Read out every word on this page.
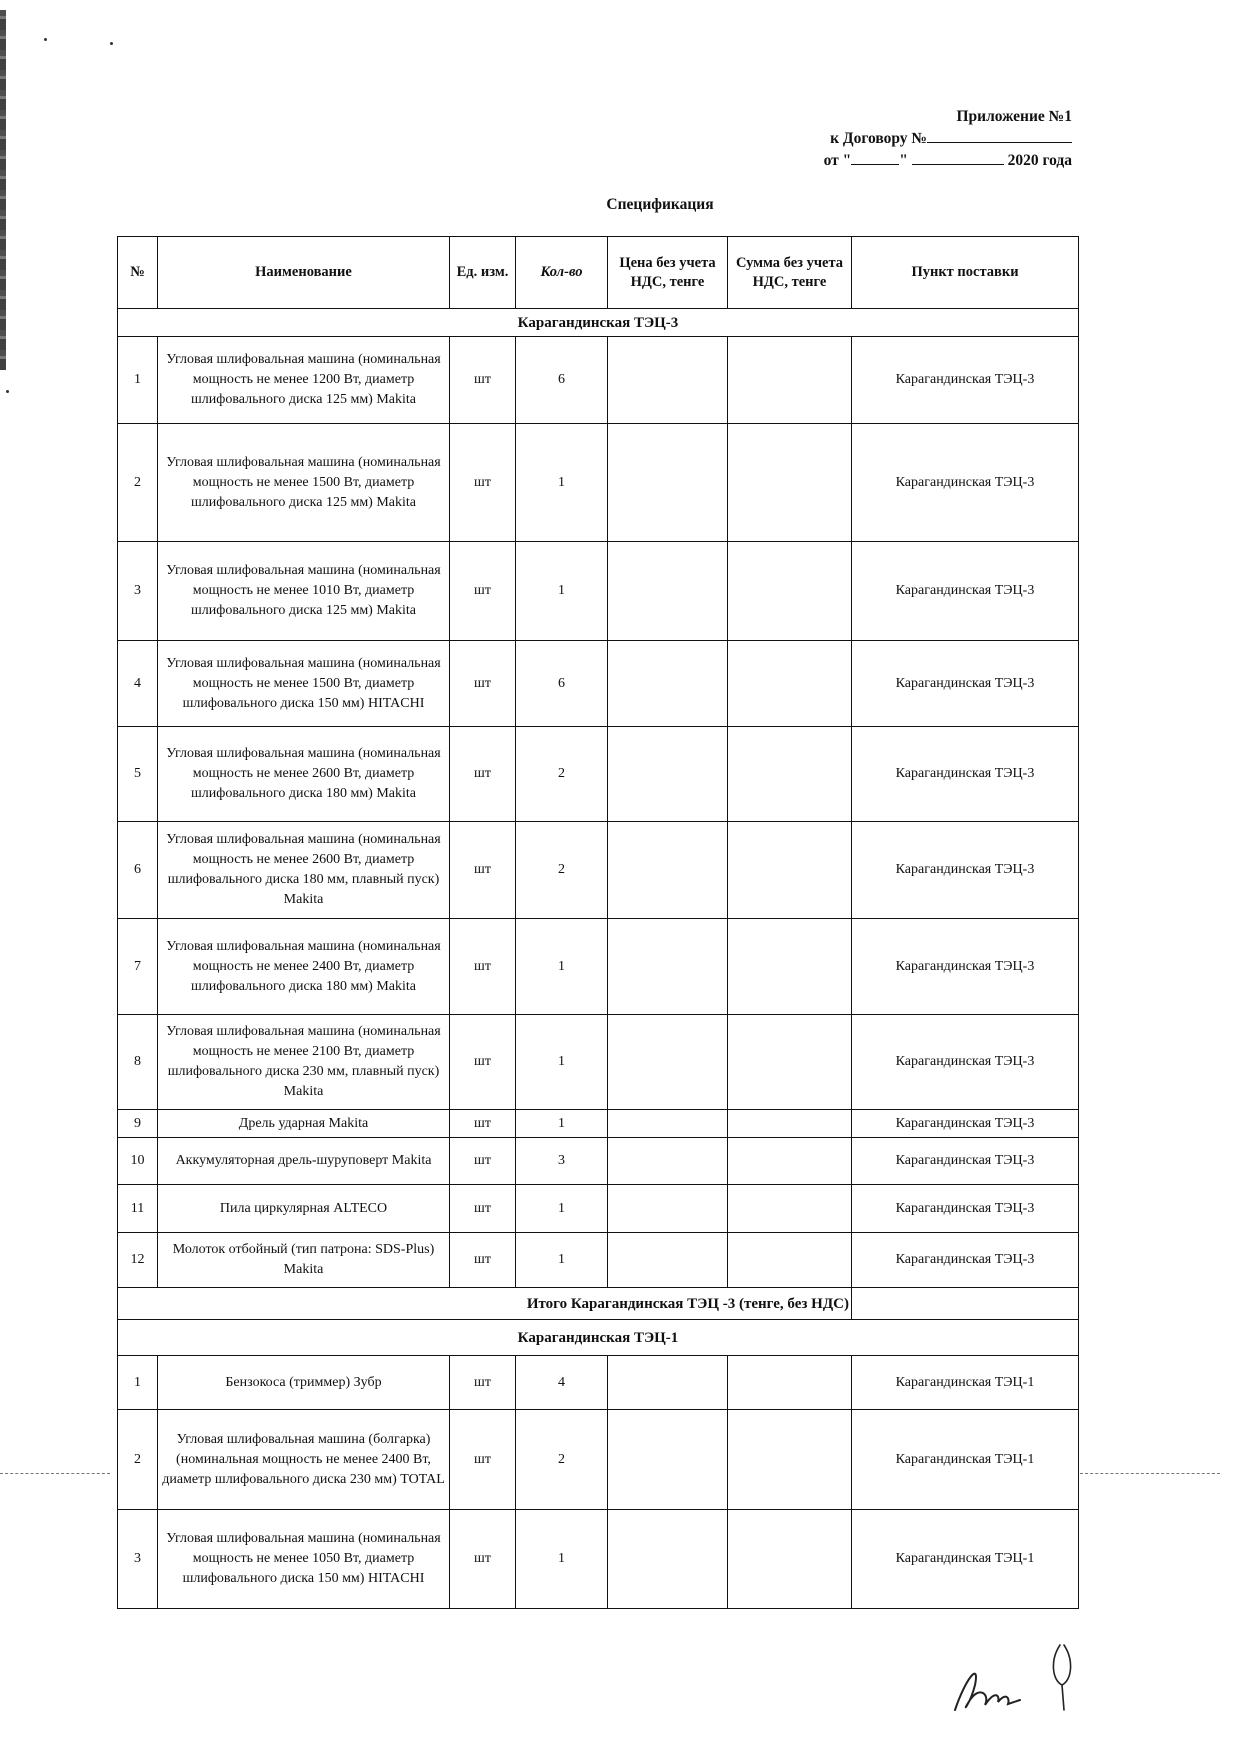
Приложение №1
к Договору №
от "	"	2020 года
Спецификация
№	Наименование	Ед. изм.	Кол-во	Цена без учета НДС, тенге	Сумма без учета НДС, тенге	Пункт поставки
Карагандинская ТЭЦ-3						
1	Угловая шлифовальная машина (номинальная мощность не менее 1200 Вт, диаметр шлифовального диска 125 мм) Makita	шт	6			Карагандинская ТЭЦ-3
2	Угловая шлифовальная машина (номинальная мощность не менее 1500 Вт, диаметр шлифовального диска 125 мм) Makita	шт	1			Карагандинская ТЭЦ-3
3	Угловая шлифовальная машина (номинальная мощность не менее 1010 Вт, диаметр шлифовального диска 125 мм) Makita	шт	1			Карагандинская ТЭЦ-3
4	Угловая шлифовальная машина (номинальная мощность не менее 1500 Вт, диаметр шлифовального диска 150 мм) HITACHI	шт	6			Карагандинская ТЭЦ-3
5	Угловая шлифовальная машина (номинальная мощность не менее 2600 Вт, диаметр шлифовального диска 180 мм) Makita	шт	2			Карагандинская ТЭЦ-3
6	Угловая шлифовальная машина (номинальная мощность не менее 2600 Вт, диаметр шлифовального диска 180 мм, плавный пуск) Makita	шт	2			Карагандинская ТЭЦ-3
7	Угловая шлифовальная машина (номинальная мощность не менее 2400 Вт, диаметр шлифовального диска 180 мм) Makita	шт	1			Карагандинская ТЭЦ-3
8	Угловая шлифовальная машина (номинальная мощность не менее 2100 Вт, диаметр шлифовального диска 230 мм, плавный пуск) Makita	шт	1			Карагандинская ТЭЦ-3
9	Дрель ударная Makita	шт	1			Карагандинская ТЭЦ-3
10	Аккумуляторная дрель-шуруповерт Makita	шт	3			Карагандинская ТЭЦ-3
11	Пила циркулярная ALTECO	шт	1			Карагандинская ТЭЦ-3
12	Молоток отбойный (тип патрона: SDS-Plus) Makita	шт	1			Карагандинская ТЭЦ-3
Итого Карагандинская ТЭЦ -3 (тенге, без НДС)						
Карагандинская ТЭЦ-1						
1	Бензокоса (триммер) Зубр	шт	4			Карагандинская ТЭЦ-1
2	Угловая шлифовальная машина (болгарка) (номинальная мощность не менее 2400 Вт, диаметр шлифовального диска 230 мм) TOTAL	шт	2			Карагандинская ТЭЦ-1
3	Угловая шлифовальная машина (номинальная мощность не менее 1050 Вт, диаметр шлифовального диска 150 мм) HITACHI	шт	1			Карагандинская ТЭЦ-1
